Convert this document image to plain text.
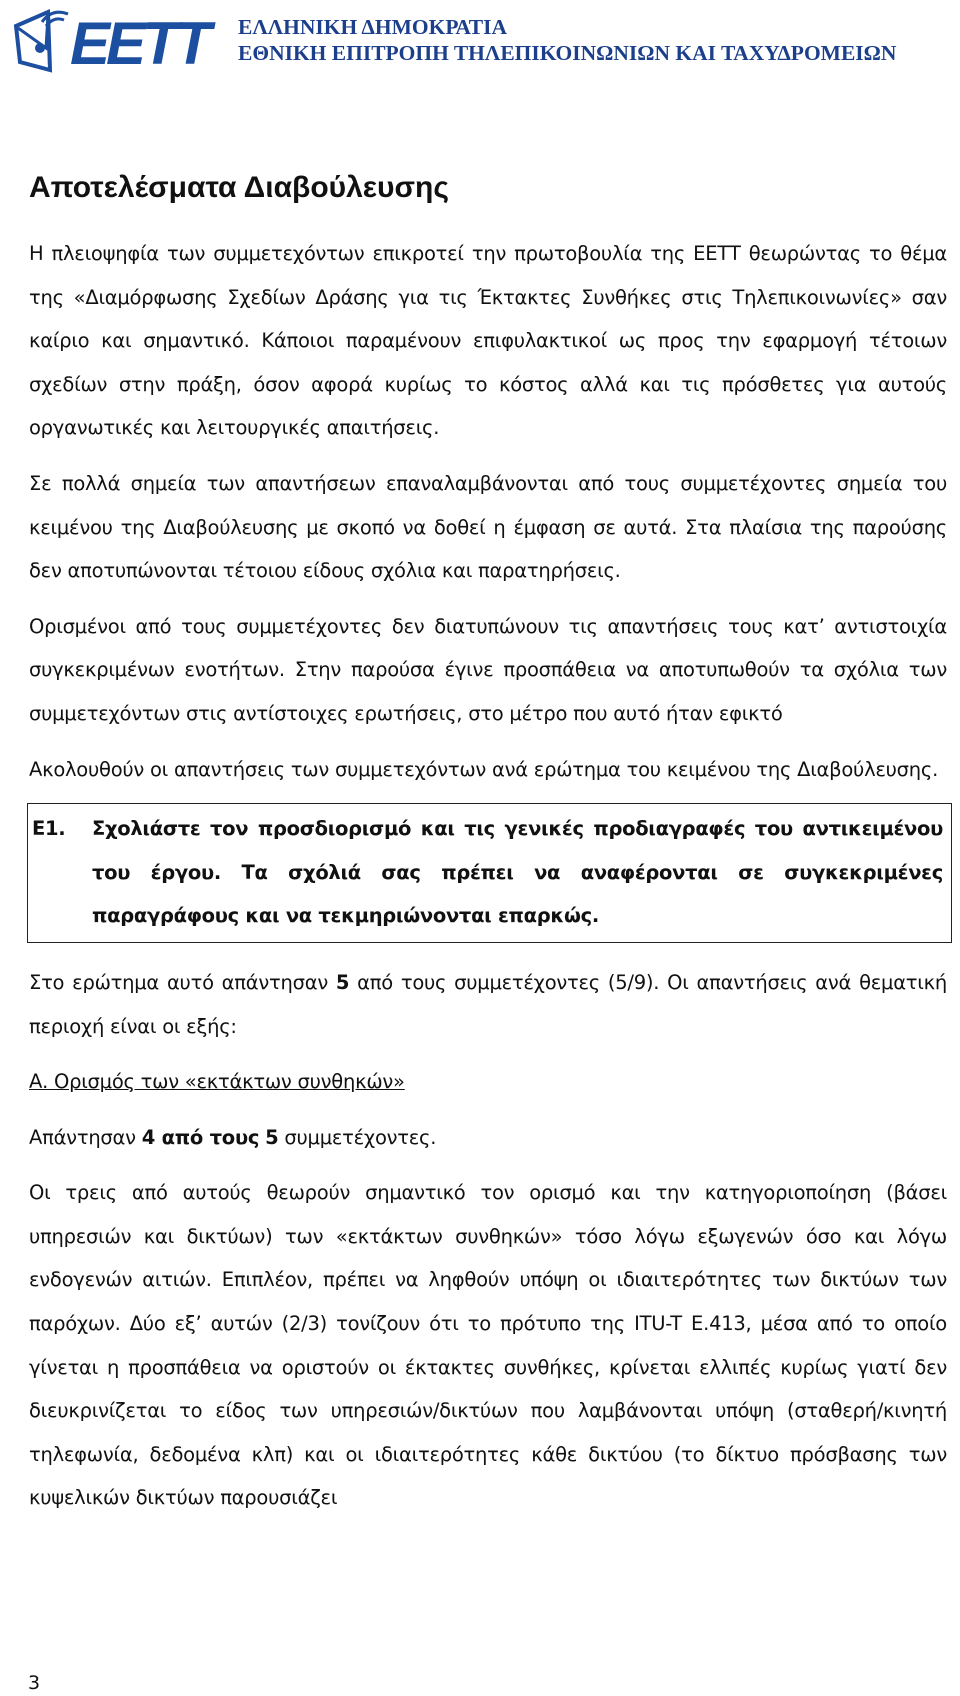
EETT	ΕΛΛΗΝΙΚΗ ΔΗΜΟΚΡΑΤΙΑ
ΕΘΝΙΚΗ ΕΠΙΤΡΟΠΗ ΤΗΛΕΠΙΚΟΙΝΩΝΙΩΝ ΚΑΙ ΤΑΧΥΔΡΟΜΕΙΩΝ
Αποτελέσματα Διαβούλευσης

Η πλειοψηφία των συμμετεχόντων επικροτεί την πρωτοβουλία της ΕΕΤΤ θεωρώντας το θέμα της «Διαμόρφωσης Σχεδίων Δράσης για τις Έκτακτες Συνθήκες στις Τηλεπικοινωνίες» σαν καίριο και σημαντικό. Κάποιοι παραμένουν επιφυλακτικοί ως προς την εφαρμογή τέτοιων σχεδίων στην πράξη, όσον αφορά κυρίως το κόστος αλλά και τις πρόσθετες για αυτούς οργανωτικές και λειτουργικές απαιτήσεις.

Σε πολλά σημεία των απαντήσεων επαναλαμβάνονται από τους συμμετέχοντες σημεία του κειμένου της Διαβούλευσης με σκοπό να δοθεί η έμφαση σε αυτά. Στα πλαίσια της παρούσης δεν αποτυπώνονται τέτοιου είδους σχόλια και παρατηρήσεις.

Ορισμένοι από τους συμμετέχοντες δεν διατυπώνουν τις απαντήσεις τους κατ’ αντιστοιχία συγκεκριμένων ενοτήτων. Στην παρούσα έγινε προσπάθεια να αποτυπωθούν τα σχόλια των συμμετεχόντων στις αντίστοιχες ερωτήσεις, στο μέτρο που αυτό ήταν εφικτό

Ακολουθούν οι απαντήσεις των συμμετεχόντων ανά ερώτημα του κειμένου της Διαβούλευσης.

Ε1.	Σχολιάστε τον προσδιορισμό και τις γενικές προδιαγραφές του αντικειμένου του έργου. Τα σχόλιά σας πρέπει να αναφέρονται σε συγκεκριμένες παραγράφους και να τεκμηριώνονται επαρκώς.

Στο ερώτημα αυτό απάντησαν 5 από τους συμμετέχοντες (5/9). Οι απαντήσεις ανά θεματική περιοχή είναι οι εξής:

Α. Ορισμός των «εκτάκτων συνθηκών»

Απάντησαν 4 από τους 5 συμμετέχοντες.

Οι τρεις από αυτούς θεωρούν σημαντικό τον ορισμό και την κατηγοριοποίηση (βάσει υπηρεσιών και δικτύων) των «εκτάκτων συνθηκών» τόσο λόγω εξωγενών όσο και λόγω ενδογενών αιτιών. Επιπλέον, πρέπει να ληφθούν υπόψη οι ιδιαιτερότητες των δικτύων των παρόχων. Δύο εξ’ αυτών (2/3) τονίζουν ότι το πρότυπο της ITU-T E.413, μέσα από το οποίο γίνεται η προσπάθεια να οριστούν οι έκτακτες συνθήκες, κρίνεται ελλιπές κυρίως γιατί δεν διευκρινίζεται το είδος των υπηρεσιών/δικτύων που λαμβάνονται υπόψη (σταθερή/κινητή τηλεφωνία, δεδομένα κλπ) και οι ιδιαιτερότητες κάθε δικτύου (το δίκτυο πρόσβασης των κυψελικών δικτύων παρουσιάζει

3
